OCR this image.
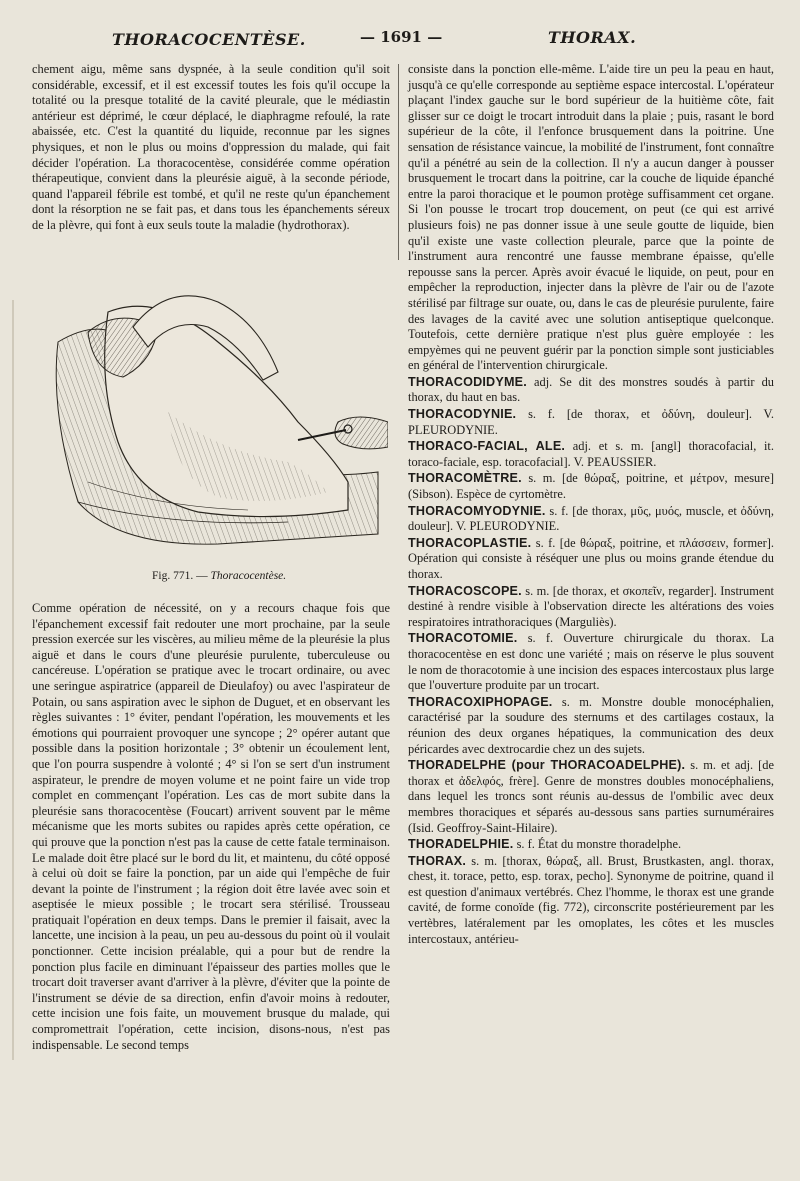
THORACOCENTÈSE.	— 1691 —	THORAX.

chement aigu, même sans dyspnée, à la seule condition qu'il soit considérable, excessif, et il est excessif toutes les fois qu'il occupe la totalité ou la presque totalité de la cavité pleurale, que le médiastin antérieur est déprimé, le cœur déplacé, le diaphragme refoulé, la rate abaissée, etc. C'est la quantité du liquide, reconnue par les signes physiques, et non le plus ou moins d'oppression du malade, qui fait décider l'opération. La thoracocentèse, considérée comme opération thérapeutique, convient dans la pleurésie aiguë, à la seconde période, quand l'appareil fébrile est tombé, et qu'il ne reste qu'un épanchement dont la résorption ne se fait pas, et dans tous les épanchements séreux de la plèvre, qui font à eux seuls toute la maladie (hydrothorax).

Fig. 771. — Thoracocentèse.

Comme opération de nécessité, on y a recours chaque fois que l'épanchement excessif fait redouter une mort prochaine, par la seule pression exercée sur les viscères, au milieu même de la pleurésie la plus aiguë et dans le cours d'une pleurésie purulente, tuberculeuse ou cancéreuse. L'opération se pratique avec le trocart ordinaire, ou avec une seringue aspiratrice (appareil de Dieulafoy) ou avec l'aspirateur de Potain, ou sans aspiration avec le siphon de Duguet, et en observant les règles suivantes : 1° éviter, pendant l'opération, les mouvements et les émotions qui pourraient provoquer une syncope ; 2° opérer autant que possible dans la position horizontale ; 3° obtenir un écoulement lent, que l'on pourra suspendre à volonté ; 4° si l'on se sert d'un instrument aspirateur, le prendre de moyen volume et ne point faire un vide trop complet en commençant l'opération. Les cas de mort subite dans la pleurésie sans thoracocentèse (Foucart) arrivent souvent par le même mécanisme que les morts subites ou rapides après cette opération, ce qui prouve que la ponction n'est pas la cause de cette fatale terminaison. Le malade doit être placé sur le bord du lit, et maintenu, du côté opposé à celui où doit se faire la ponction, par un aide qui l'empêche de fuir devant la pointe de l'instrument ; la région doit être lavée avec soin et aseptisée le mieux possible ; le trocart sera stérilisé. Trousseau pratiquait l'opération en deux temps. Dans le premier il faisait, avec la lancette, une incision à la peau, un peu au-dessous du point où il voulait ponctionner. Cette incision préalable, qui a pour but de rendre la ponction plus facile en diminuant l'épaisseur des parties molles que le trocart doit traverser avant d'arriver à la plèvre, d'éviter que la pointe de l'instrument se dévie de sa direction, enfin d'avoir moins à redouter, cette incision une fois faite, un mouvement brusque du malade, qui compromettrait l'opération, cette incision, disons-nous, n'est pas indispensable. Le second temps

consiste dans la ponction elle-même. L'aide tire un peu la peau en haut, jusqu'à ce qu'elle corresponde au septième espace intercostal. L'opérateur plaçant l'index gauche sur le bord supérieur de la huitième côte, fait glisser sur ce doigt le trocart introduit dans la plaie ; puis, rasant le bord supérieur de la côte, il l'enfonce brusquement dans la poitrine. Une sensation de résistance vaincue, la mobilité de l'instrument, font connaître qu'il a pénétré au sein de la collection. Il n'y a aucun danger à pousser brusquement le trocart dans la poitrine, car la couche de liquide épanché entre la paroi thoracique et le poumon protège suffisamment cet organe. Si l'on pousse le trocart trop doucement, on peut (ce qui est arrivé plusieurs fois) ne pas donner issue à une seule goutte de liquide, bien qu'il existe une vaste collection pleurale, parce que la pointe de l'instrument aura rencontré une fausse membrane épaisse, qu'elle repousse sans la percer. Après avoir évacué le liquide, on peut, pour en empêcher la reproduction, injecter dans la plèvre de l'air ou de l'azote stérilisé par filtrage sur ouate, ou, dans le cas de pleurésie purulente, faire des lavages de la cavité avec une solution antiseptique quelconque. Toutefois, cette dernière pratique n'est plus guère employée : les empyèmes qui ne peuvent guérir par la ponction simple sont justiciables en général de l'intervention chirurgicale.

THORACODIDYME. adj. Se dit des monstres soudés à partir du thorax, du haut en bas.
THORACODYNIE. s. f. [de thorax, et ὀδύνη, douleur]. V. PLEURODYNIE.
THORACO-FACIAL, ALE. adj. et s. m. [angl] thoracofacial, it. toraco-faciale, esp. toracofacial]. V. PEAUSSIER.
THORACOMÈTRE. s. m. [de θώραξ, poitrine, et μέτρον, mesure] (Sibson). Espèce de cyrtomètre.
THORACOMYODYNIE. s. f. [de thorax, μῦς, μυός, muscle, et ὀδύνη, douleur]. V. PLEURODYNIE.
THORACOPLASTIE. s. f. [de θώραξ, poitrine, et πλάσσειν, former]. Opération qui consiste à réséquer une plus ou moins grande étendue du thorax.
THORACOSCOPE. s. m. [de thorax, et σκοπεῖν, regarder]. Instrument destiné à rendre visible à l'observation directe les altérations des voies respiratoires intrathoraciques (Marguliès).
THORACOTOMIE. s. f. Ouverture chirurgicale du thorax. La thoracocentèse en est donc une variété ; mais on réserve le plus souvent le nom de thoracotomie à une incision des espaces intercostaux plus large que l'ouverture produite par un trocart.
THORACOXIPHOPAGE. s. m. Monstre double monocéphalien, caractérisé par la soudure des sternums et des cartilages costaux, la réunion des deux organes hépatiques, la communication des deux péricardes avec dextrocardie chez un des sujets.
THORADELPHE (pour THORACOADELPHE). s. m. et adj. [de thorax et ἀδελφός, frère]. Genre de monstres doubles monocéphaliens, dans lequel les troncs sont réunis au-dessus de l'ombilic avec deux membres thoraciques et séparés au-dessous sans parties surnuméraires (Isid. Geoffroy-Saint-Hilaire).
THORADELPHIE. s. f. État du monstre thoradelphe.
THORAX. s. m. [thorax, θώραξ, all. Brust, Brustkasten, angl. thorax, chest, it. torace, petto, esp. torax, pecho]. Synonyme de poitrine, quand il est question d'animaux vertébrés. Chez l'homme, le thorax est une grande cavité, de forme conoïde (fig. 772), circonscrite postérieurement par les vertèbres, latéralement par les omoplates, les côtes et les muscles intercostaux, antérieu-
